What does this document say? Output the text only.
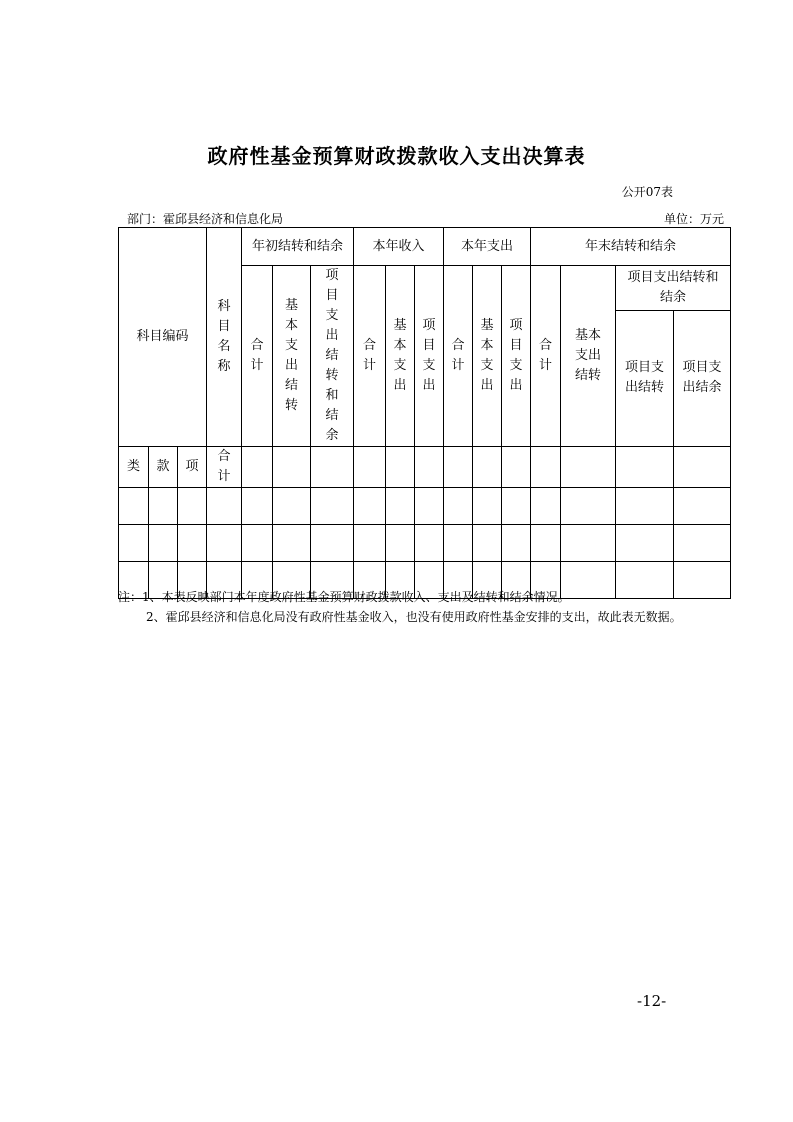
政府性基金预算财政拨款收入支出决算表
公开07表
部门：霍邱县经济和信息化局	单位：万元
科目编码			科目名称	年初结转和结余			本年收入			本年支出			年末结转和结余			
				合计	基本支出结转	项目支出结转和结余	合计	基本支出	项目支出	合计	基本支出	项目支出	合计	基本支出结转	项目支出结转和结余	
															项目支出结转	项目支出结余
类	款	项	合计													

注：1、本表反映部门本年度政府性基金预算财政拨款收入、支出及结转和结余情况。

2、霍邱县经济和信息化局没有政府性基金收入，也没有使用政府性基金安排的支出，故此表无数据。

-12-
